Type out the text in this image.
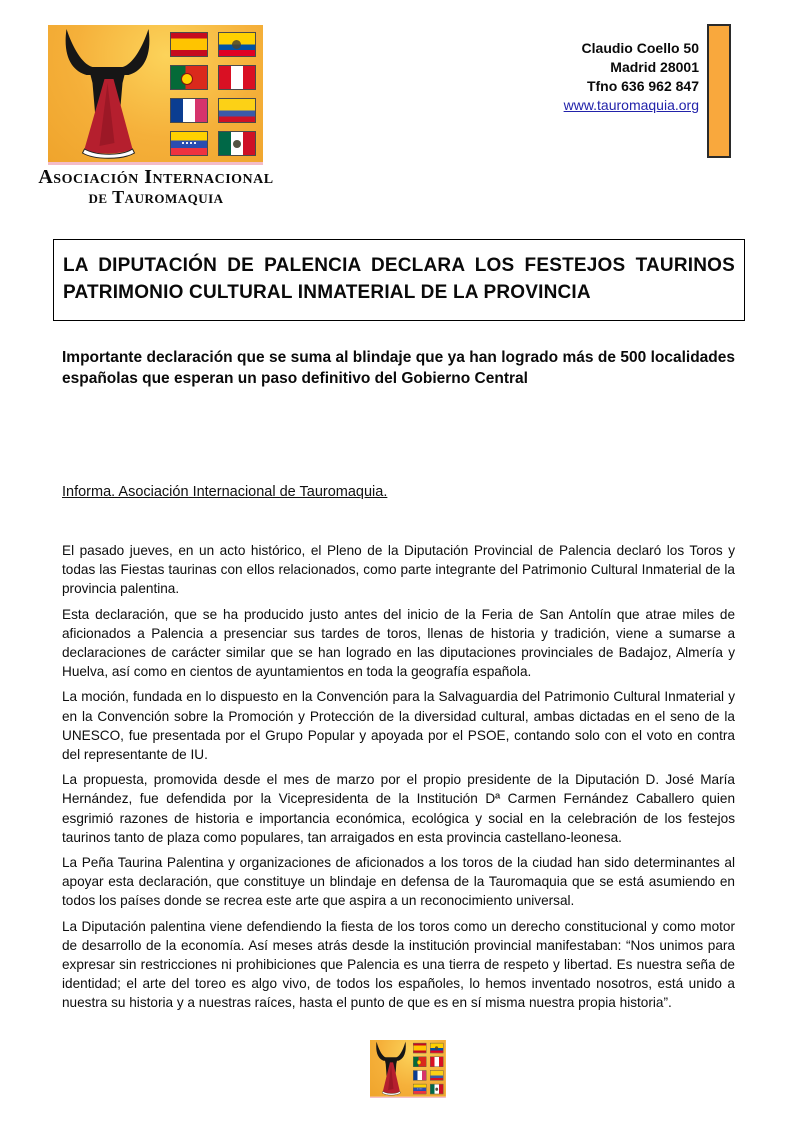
Asociación Internacional
de Tauromaquia
Claudio Coello 50
Madrid 28001
Tfno 636 962 847
www.tauromaquia.org
LA DIPUTACIÓN DE PALENCIA DECLARA LOS FESTEJOS TAURINOS PATRIMONIO CULTURAL INMATERIAL DE LA PROVINCIA
Importante declaración que se suma al blindaje que ya han logrado más de 500 localidades españolas que esperan un paso definitivo del Gobierno Central
Informa. Asociación Internacional de Tauromaquia.

El pasado jueves, en un acto histórico, el Pleno de la Diputación Provincial de Palencia declaró los Toros y todas las Fiestas taurinas con ellos relacionados, como parte integrante del Patrimonio Cultural Inmaterial de la provincia palentina.

Esta declaración, que se ha producido justo antes del inicio de la Feria de San Antolín que atrae miles de aficionados a Palencia a presenciar sus tardes de toros, llenas de historia y tradición, viene a sumarse a declaraciones de carácter similar que se han logrado en las diputaciones provinciales de Badajoz, Almería y Huelva, así como en cientos de ayuntamientos en toda la geografía española.

La moción, fundada en lo dispuesto en la Convención para la Salvaguardia del Patrimonio Cultural Inmaterial y en la Convención sobre la Promoción y Protección de la diversidad cultural, ambas dictadas en el seno de la UNESCO, fue presentada por el Grupo Popular y apoyada por el PSOE, contando solo con el voto en contra del representante de IU.

La propuesta, promovida desde el mes de marzo por el propio presidente de la Diputación D. José María Hernández, fue defendida por la Vicepresidenta de la Institución Dª Carmen Fernández Caballero quien esgrimió razones de historia e importancia económica, ecológica y social en la celebración de los festejos taurinos tanto de plaza como populares, tan arraigados en esta provincia castellano-leonesa.

La Peña Taurina Palentina y organizaciones de aficionados a los toros de la ciudad han sido determinantes al apoyar esta declaración, que constituye un blindaje en defensa de la Tauromaquia que se está asumiendo en todos los países donde se recrea este arte que aspira a un reconocimiento universal.

La Diputación palentina viene defendiendo la fiesta de los toros como un derecho constitucional y como motor de desarrollo de la economía. Así meses atrás desde la institución provincial manifestaban: “Nos unimos para expresar sin restricciones ni prohibiciones que Palencia es una tierra de respeto y libertad. Es nuestra seña de identidad; el arte del toreo es algo vivo, de todos los españoles, lo hemos inventado nosotros, está unido a nuestra su historia y a nuestras raíces, hasta el punto de que es en sí misma nuestra propia historia”.
